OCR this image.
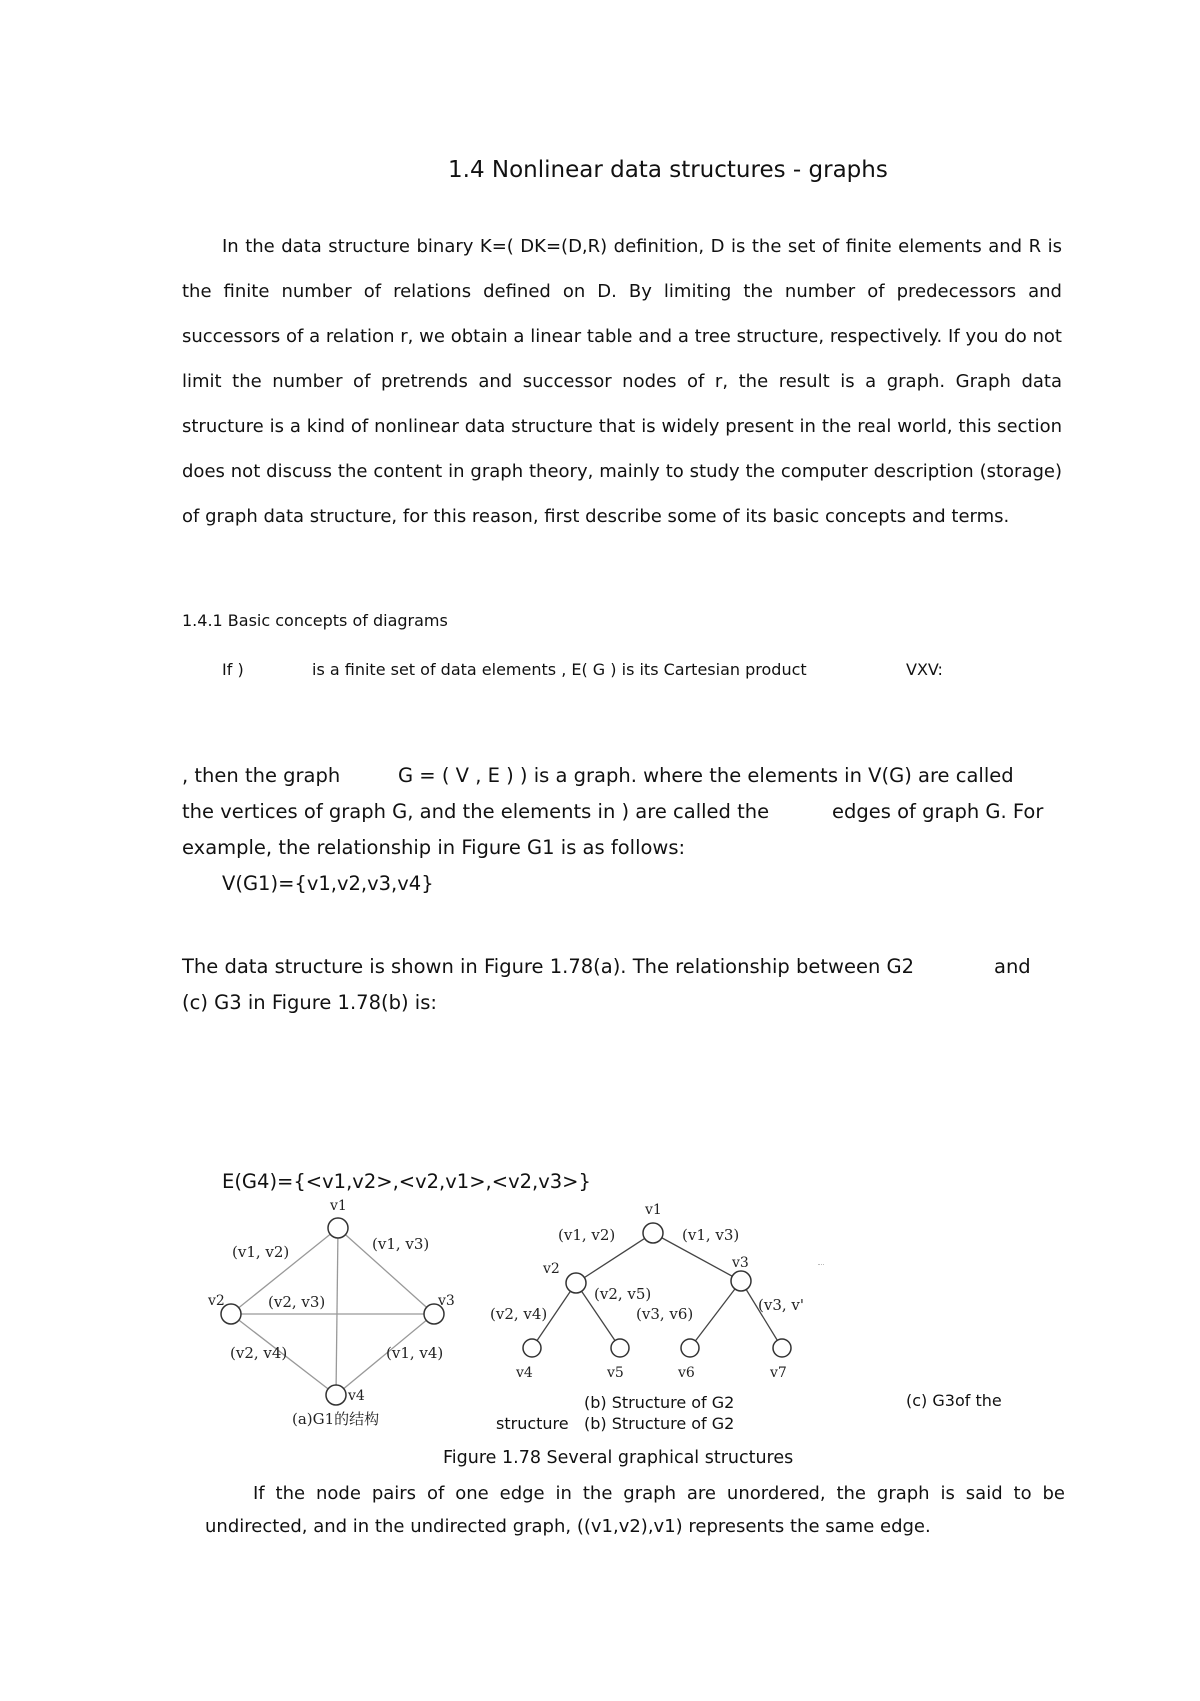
1.4 Nonlinear data structures - graphs
In the data structure binary K=( DK=(D,R) definition, D is the set of finite elements and R is the finite number of relations defined on D. By limiting the number of predecessors and successors of a relation r, we obtain a linear table and a tree structure, respectively. If you do not limit the number of pretrends and successor nodes of r, the result is a graph. Graph data structure is a kind of nonlinear data structure that is widely present in the real world, this section does not discuss the content in graph theory, mainly to study the computer description (storage) of graph data structure, for this reason, first describe some of its basic concepts and terms.
1.4.1 Basic concepts of diagrams
If )	is a finite set of data elements , E( G ) is its Cartesian product	VXV:
, then the graph	G = ( V , E ) ) is a graph. where the elements in V(G) are called
the vertices of graph G, and the elements in ) are called the	edges of graph G. For
example, the relationship in Figure G1 is as follows:
V(G1)={v1,v2,v3,v4}
The data structure is shown in Figure 1.78(a). The relationship between G2	and
(c) G3 in Figure 1.78(b) is:
E(G4)={<v1,v2>,<v2,v1>,<v2,v3>}
v1
v2	v3
v4
(v1, v2)	(v1, v3)
(v2, v3)
(v2, v4)	(v1, v4)
(a)G1的结构
v1
v2	v3
v4	v5	v6	v7
(v1, v2)	(v1, v3)
(v2, v4)
(v2, v5)
(v3, v6)	(v3, v'
(b) Structure of G2
structure (b) Structure of G2
(c) G3of the
Figure 1.78 Several graphical structures
If the node pairs of one edge in the graph are unordered, the graph is said to be undirected, and in the undirected graph, ((v1,v2),v1) represents the same edge.
